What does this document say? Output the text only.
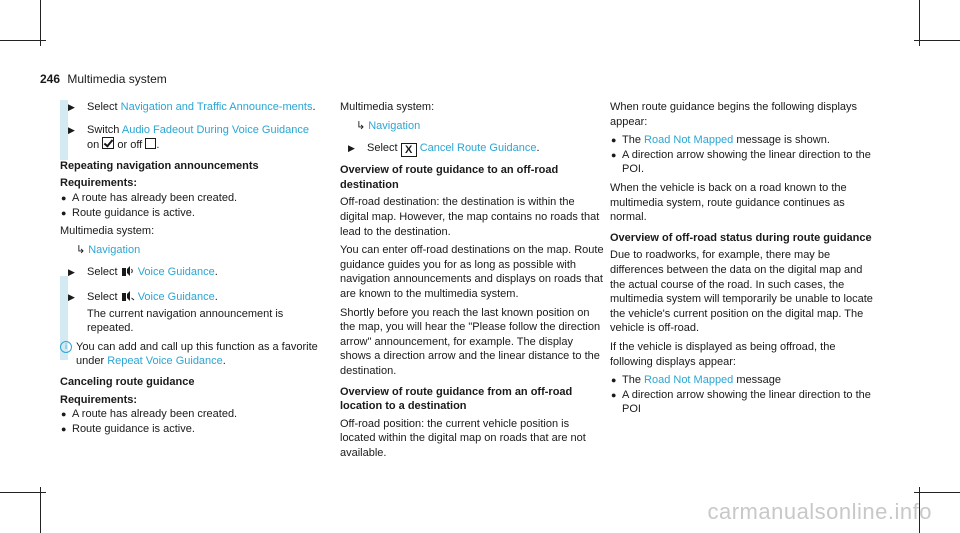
246 Multimedia system
▶ Select Navigation and Traffic Announce-ments.
▶ Switch Audio Fadeout During Voice Guidance
on or off .
Repeating navigation announcements
Requirements:
● A route has already been created.
● Route guidance is active.
Multimedia system:
↳ Navigation
▶ Select  Voice Guidance.
▶ Select  Voice Guidance.
The current navigation announcement is repeated.
i You can add and call up this function as a favorite under Repeat Voice Guidance.
Canceling route guidance
Requirements:
● A route has already been created.
● Route guidance is active.
Multimedia system:
↳ Navigation
▶ Select X Cancel Route Guidance.
Overview of route guidance to an off-road destination
Off-road destination: the destination is within the digital map. However, the map contains no roads that lead to the destination.
You can enter off-road destinations on the map. Route guidance guides you for as long as possible with navigation announcements and displays on roads that are known to the multimedia system.
Shortly before you reach the last known position on the map, you will hear the "Please follow the direction arrow" announcement, for example. The display shows a direction arrow and the linear distance to the destination.
Overview of route guidance from an off-road location to a destination
Off-road position: the current vehicle position is located within the digital map on roads that are not available.
When route guidance begins the following displays appear:
● The Road Not Mapped message is shown.
● A direction arrow showing the linear direction to the POI.
When the vehicle is back on a road known to the multimedia system, route guidance continues as normal.
Overview of off-road status during route guidance
Due to roadworks, for example, there may be differences between the data on the digital map and the actual course of the road. In such cases, the multimedia system will temporarily be unable to locate the vehicle's current position on the digital map. The vehicle is off-road.
If the vehicle is displayed as being offroad, the following displays appear:
● The Road Not Mapped message
● A direction arrow showing the linear direction to the POI
carmanualsonline.info
